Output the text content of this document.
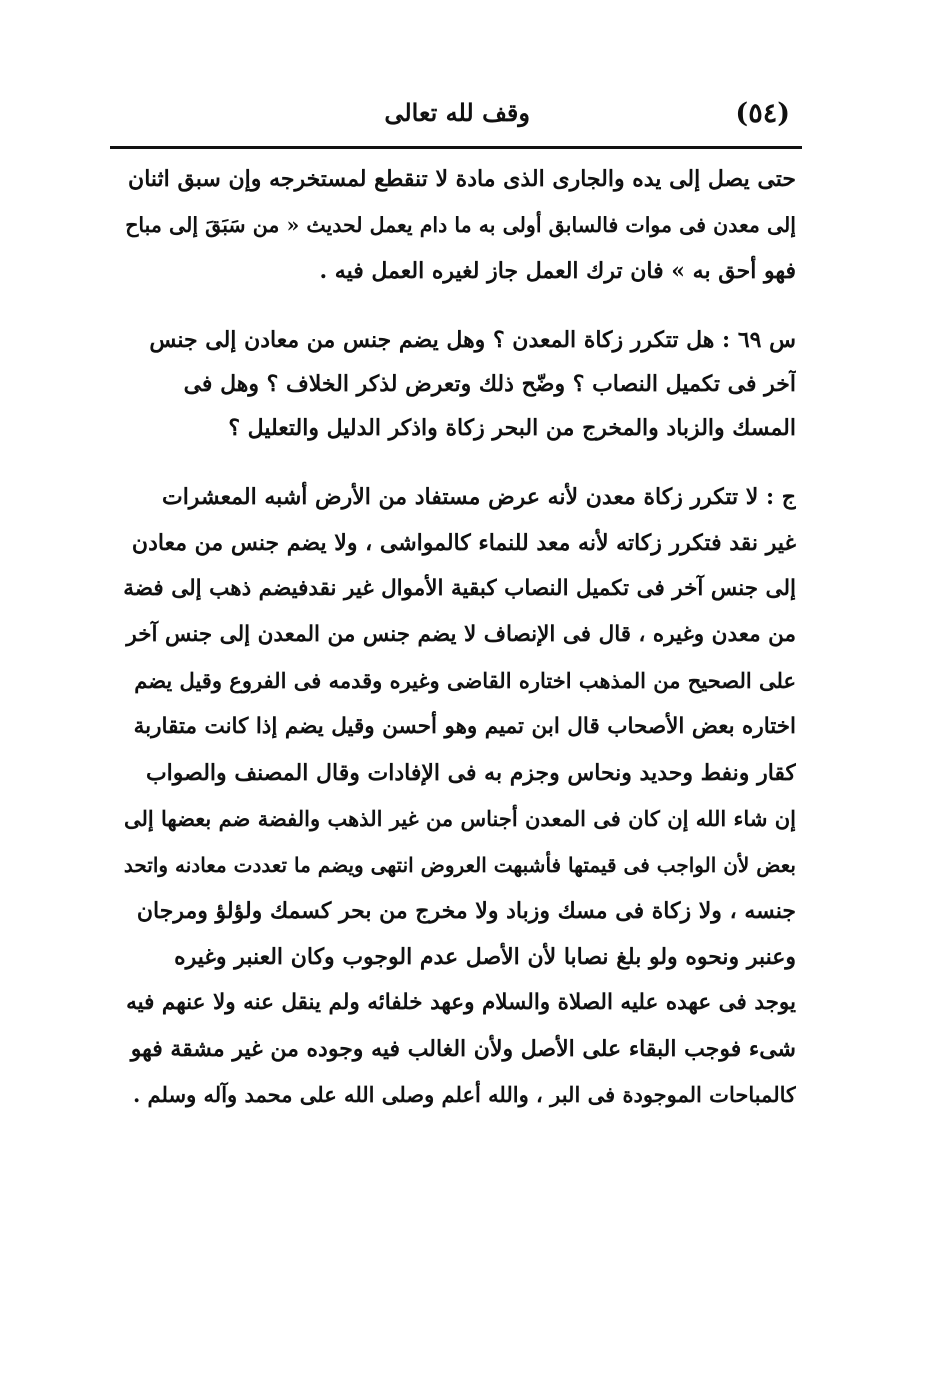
(٥٤)
وقف لله تعالى
حتى يصل إلى يده والجارى الذى مادة لا تنقطع لمستخرجه وإن سبق اثنان
إلى معدن فى موات فالسابق أولى به ما دام يعمل لحديث « من سَبَقَ إلى مباح
فهو أحق به » فان ترك العمل جاز لغيره العمل فيه .
س ٦٩ : هل تتكرر زكاة المعدن ؟ وهل يضم جنس من معادن إلى جنس
آخر فى تكميل النصاب ؟ وضّح ذلك وتعرض لذكر الخلاف ؟ وهل فى
المسك والزباد والمخرج من البحر زكاة واذكر الدليل والتعليل ؟
ج : لا تتكرر زكاة معدن لأنه عرض مستفاد من الأرض أشبه المعشرات
غير نقد فتكرر زكاته لأنه معد للنماء كالمواشى ، ولا يضم جنس من معادن
إلى جنس آخر فى تكميل النصاب كبقية الأموال غير نقدفيضم ذهب إلى فضة
من معدن وغيره ، قال فى الإنصاف لا يضم جنس من المعدن إلى جنس آخر
على الصحيح من المذهب اختاره القاضى وغيره وقدمه فى الفروع وقيل يضم
اختاره بعض الأصحاب قال ابن تميم وهو أحسن وقيل يضم إذا كانت متقاربة
كقار ونفط وحديد ونحاس وجزم به فى الإفادات وقال المصنف والصواب
إن شاء الله إن كان فى المعدن أجناس من غير الذهب والفضة ضم بعضها إلى
بعض لأن الواجب فى قيمتها فأشبهت العروض انتهى ويضم ما تعددت معادنه واتحد
جنسه ، ولا زكاة فى مسك وزباد ولا مخرج من بحر كسمك ولؤلؤ ومرجان
وعنبر ونحوه ولو بلغ نصابا لأن الأصل عدم الوجوب وكان العنبر وغيره
يوجد فى عهده عليه الصلاة والسلام وعهد خلفائه ولم ينقل عنه ولا عنهم فيه
شىء فوجب البقاء على الأصل ولأن الغالب فيه وجوده من غير مشقة فهو
كالمباحات الموجودة فى البر ، والله أعلم وصلى الله على محمد وآله وسلم .
